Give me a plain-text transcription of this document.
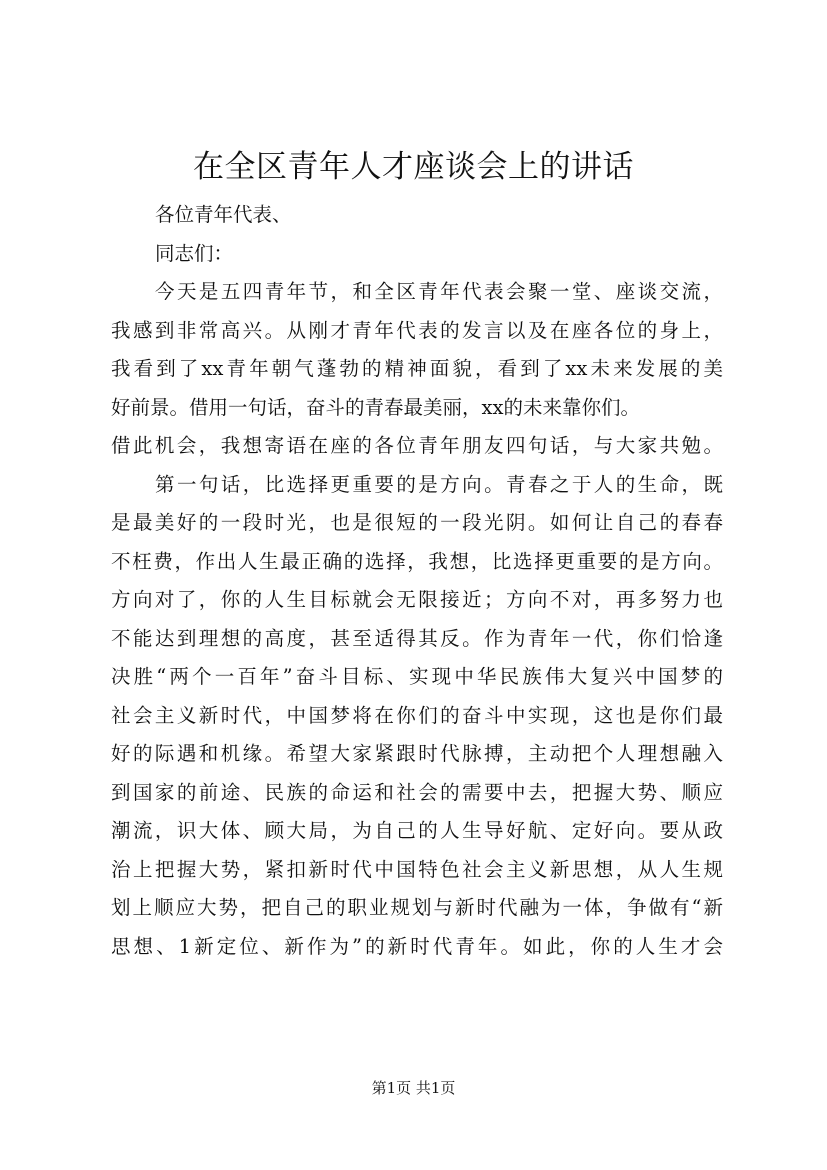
在全区青年人才座谈会上的讲话
各位青年代表、
同志们：
今天是五四青年节，和全区青年代表会聚一堂、座谈交流，
我感到非常高兴。从刚才青年代表的发言以及在座各位的身上，
我看到了xx青年朝气蓬勃的精神面貌，看到了xx未来发展的美
好前景。借用一句话，奋斗的青春最美丽，xx的未来靠你们。
借此机会，我想寄语在座的各位青年朋友四句话，与大家共勉。
第一句话，比选择更重要的是方向。青春之于人的生命，既
是最美好的一段时光，也是很短的一段光阴。如何让自己的春春
不枉费，作出人生最正确的选择，我想，比选择更重要的是方向。
方向对了，你的人生目标就会无限接近；方向不对，再多努力也
不能达到理想的高度，甚至适得其反。作为青年一代，你们恰逢
决胜“两个一百年”奋斗目标、实现中华民族伟大复兴中国梦的
社会主义新时代，中国梦将在你们的奋斗中实现，这也是你们最
好的际遇和机缘。希望大家紧跟时代脉搏，主动把个人理想融入
到国家的前途、民族的命运和社会的需要中去，把握大势、顺应
潮流，识大体、顾大局，为自己的人生导好航、定好向。要从政
治上把握大势，紧扣新时代中国特色社会主义新思想，从人生规
划上顺应大势，把自己的职业规划与新时代融为一体，争做有“新
思想、1新定位、新作为”的新时代青年。如此，你的人生才会
第1页 共1页
